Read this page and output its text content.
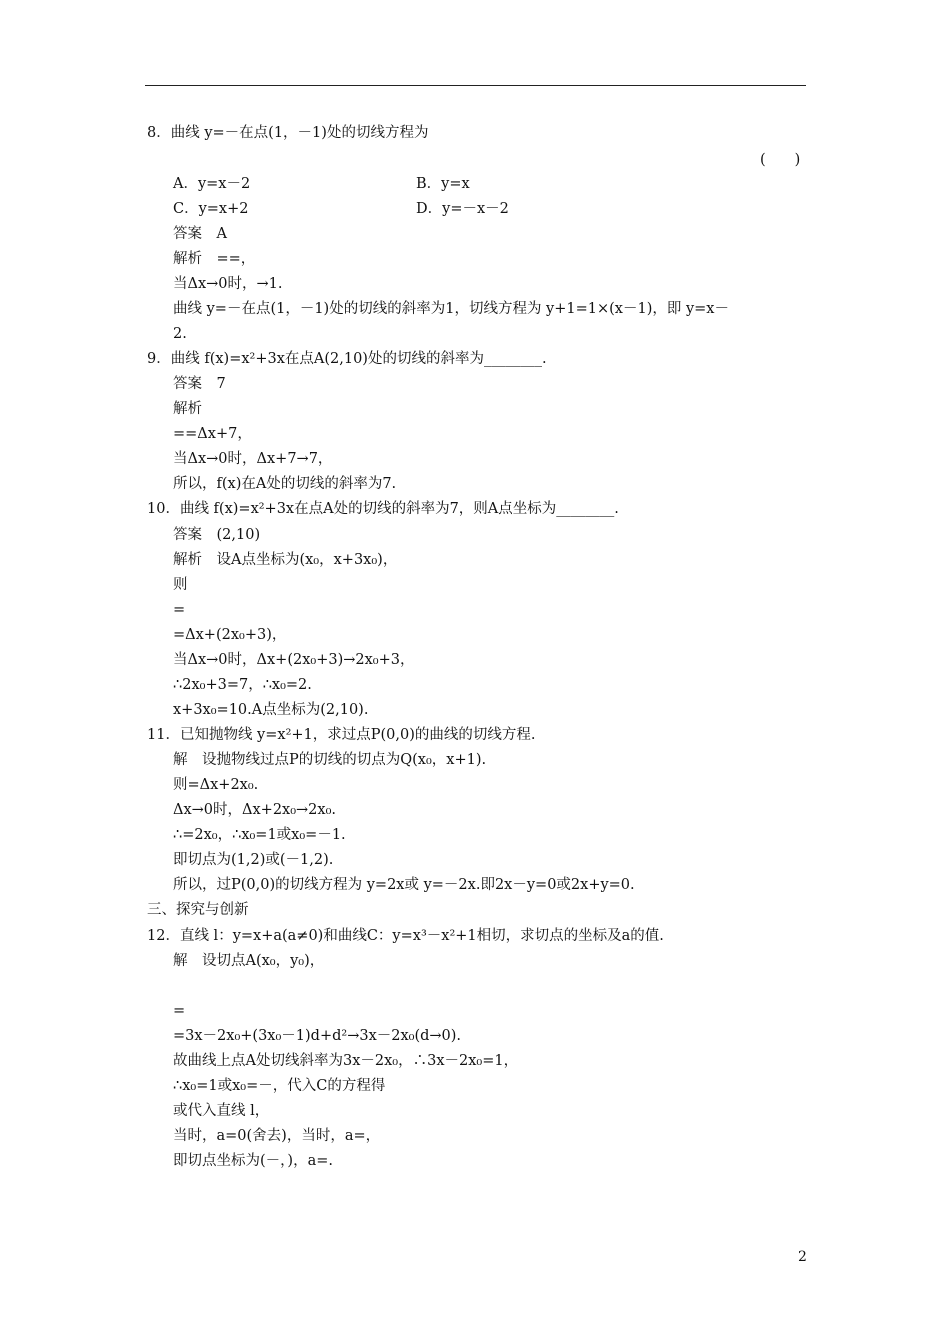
8．曲线 y=－在点(1，－1)处的切线方程为
(　　)
A．y=x－2	B．y=x
C．y=x+2	D．y=－x－2
答案　A
解析　==，
当Δx→0时，→1.
曲线 y=－在点(1，－1)处的切线的斜率为1，切线方程为 y+1=1×(x－1)，即 y=x－
2.
9．曲线 f(x)=x²+3x在点A(2,10)处的切线的斜率为________.
答案　7
解析
==Δx+7，
当Δx→0时，Δx+7→7，
所以，f(x)在A处的切线的斜率为7.
10．曲线 f(x)=x²+3x在点A处的切线的斜率为7，则A点坐标为________.
答案　(2,10)
解析　设A点坐标为(x₀，x+3x₀)，
则
=
=Δx+(2x₀+3)，
当Δx→0时，Δx+(2x₀+3)→2x₀+3，
∴2x₀+3=7，∴x₀=2.
x+3x₀=10.A点坐标为(2,10).
11．已知抛物线 y=x²+1，求过点P(0,0)的曲线的切线方程.
解　设抛物线过点P的切线的切点为Q(x₀，x+1).
则=Δx+2x₀.
Δx→0时，Δx+2x₀→2x₀.
∴=2x₀，∴x₀=1或x₀=－1.
即切点为(1,2)或(－1,2).
所以，过P(0,0)的切线方程为 y=2x或 y=－2x.即2x－y=0或2x+y=0.
三、探究与创新
12．直线 l：y=x+a(a≠0)和曲线C：y=x³－x²+1相切，求切点的坐标及a的值.
解　设切点A(x₀，y₀)，
=
=3x－2x₀+(3x₀－1)d+d²→3x－2x₀(d→0).
故曲线上点A处切线斜率为3x－2x₀，∴3x－2x₀=1，
∴x₀=1或x₀=－，代入C的方程得
或代入直线 l，
当时，a=0(舍去)，当时，a=，
即切点坐标为(－，)，a=.
2
